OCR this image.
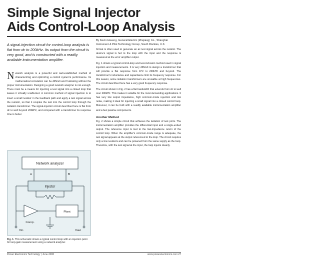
Simple Signal Injector
Aids Control-Loop Analysis
By Kevin Hsueng, General Electric (Zhejiang) Co., Shanghai
Instrument & Pilot Technology Group, South Rockies, U.K.
A signal-injection circuit for control-loop analysis is flat from dc to 200kHz. Its output from the circuit is very good, and is constructed with a readily available instrumentation amplifier.
Network analysis is a powerful and well-established method of characterizing and optimizing a control system's performance. Its mathematical correlation can be difficult and frustrating without the proper instrumentation. Designing a good network analyzer is not enough. There must be a means for injecting a test signal into a closed loop that leaves it virtually unaffected. A common method of signal injection is to insert a small resistor in the feedback path and apply a test signal across the resistor, so that it couples the test into the control loop through the isolation transformer. The signal-injection circuit described here is flat from dc to well beyond 200kHz, and compared with a transformer its response time is better.
Network analyzer
A	B
Injector
Plant
Comp.
Vin	Vout
Fig. 1. This schematic shows a typical control loop with an injection point for loop-gain measurement using a network analyzer.

format is often used to generate an ac test signal across the resistor. The device's signal is fed to the loop with the input and the response is measured at the error amplifier output.

Fig. 1 shows a typical control-loop and test-inclusion method used in signal injection and measurements. It is very difficult to design a transformer that will provide a flat response from 1Hz to 200kHz and beyond. The transformer's inductance and capacitance limit its frequency response. For this reason, some isolation transformers are unusable at high frequencies. The circuit described here has a very good frequency response.

The circuit shown in Fig. 2 has a flat bandwidth that extends from dc to well over 200kHz. This makes it suitable for the most demanding applications. It has very low output impedance, high common-mode rejection and low noise, making it ideal for injecting a small signal into a closed control loop. Moreover, it can be built with a readily available instrumentation amplifier and a few passive components.

Another Method

Fig. 2 shows a simple circuit that achieves the isolation of test ports. The instrumentation amplifier provides the differential input and a single-ended output. The reference input is tied to the low-impedance return of the control loop. When the amplifier's common-mode range is adequate, the test signal appears at the output referenced to the loop. The circuit requires only a few resistors and can be powered from the same supply as the loop. Therefore, with the test signal at the input, the loop injects cleanly.

Power Electronics Technology | June 2006	www.powerelectronics.com 27
